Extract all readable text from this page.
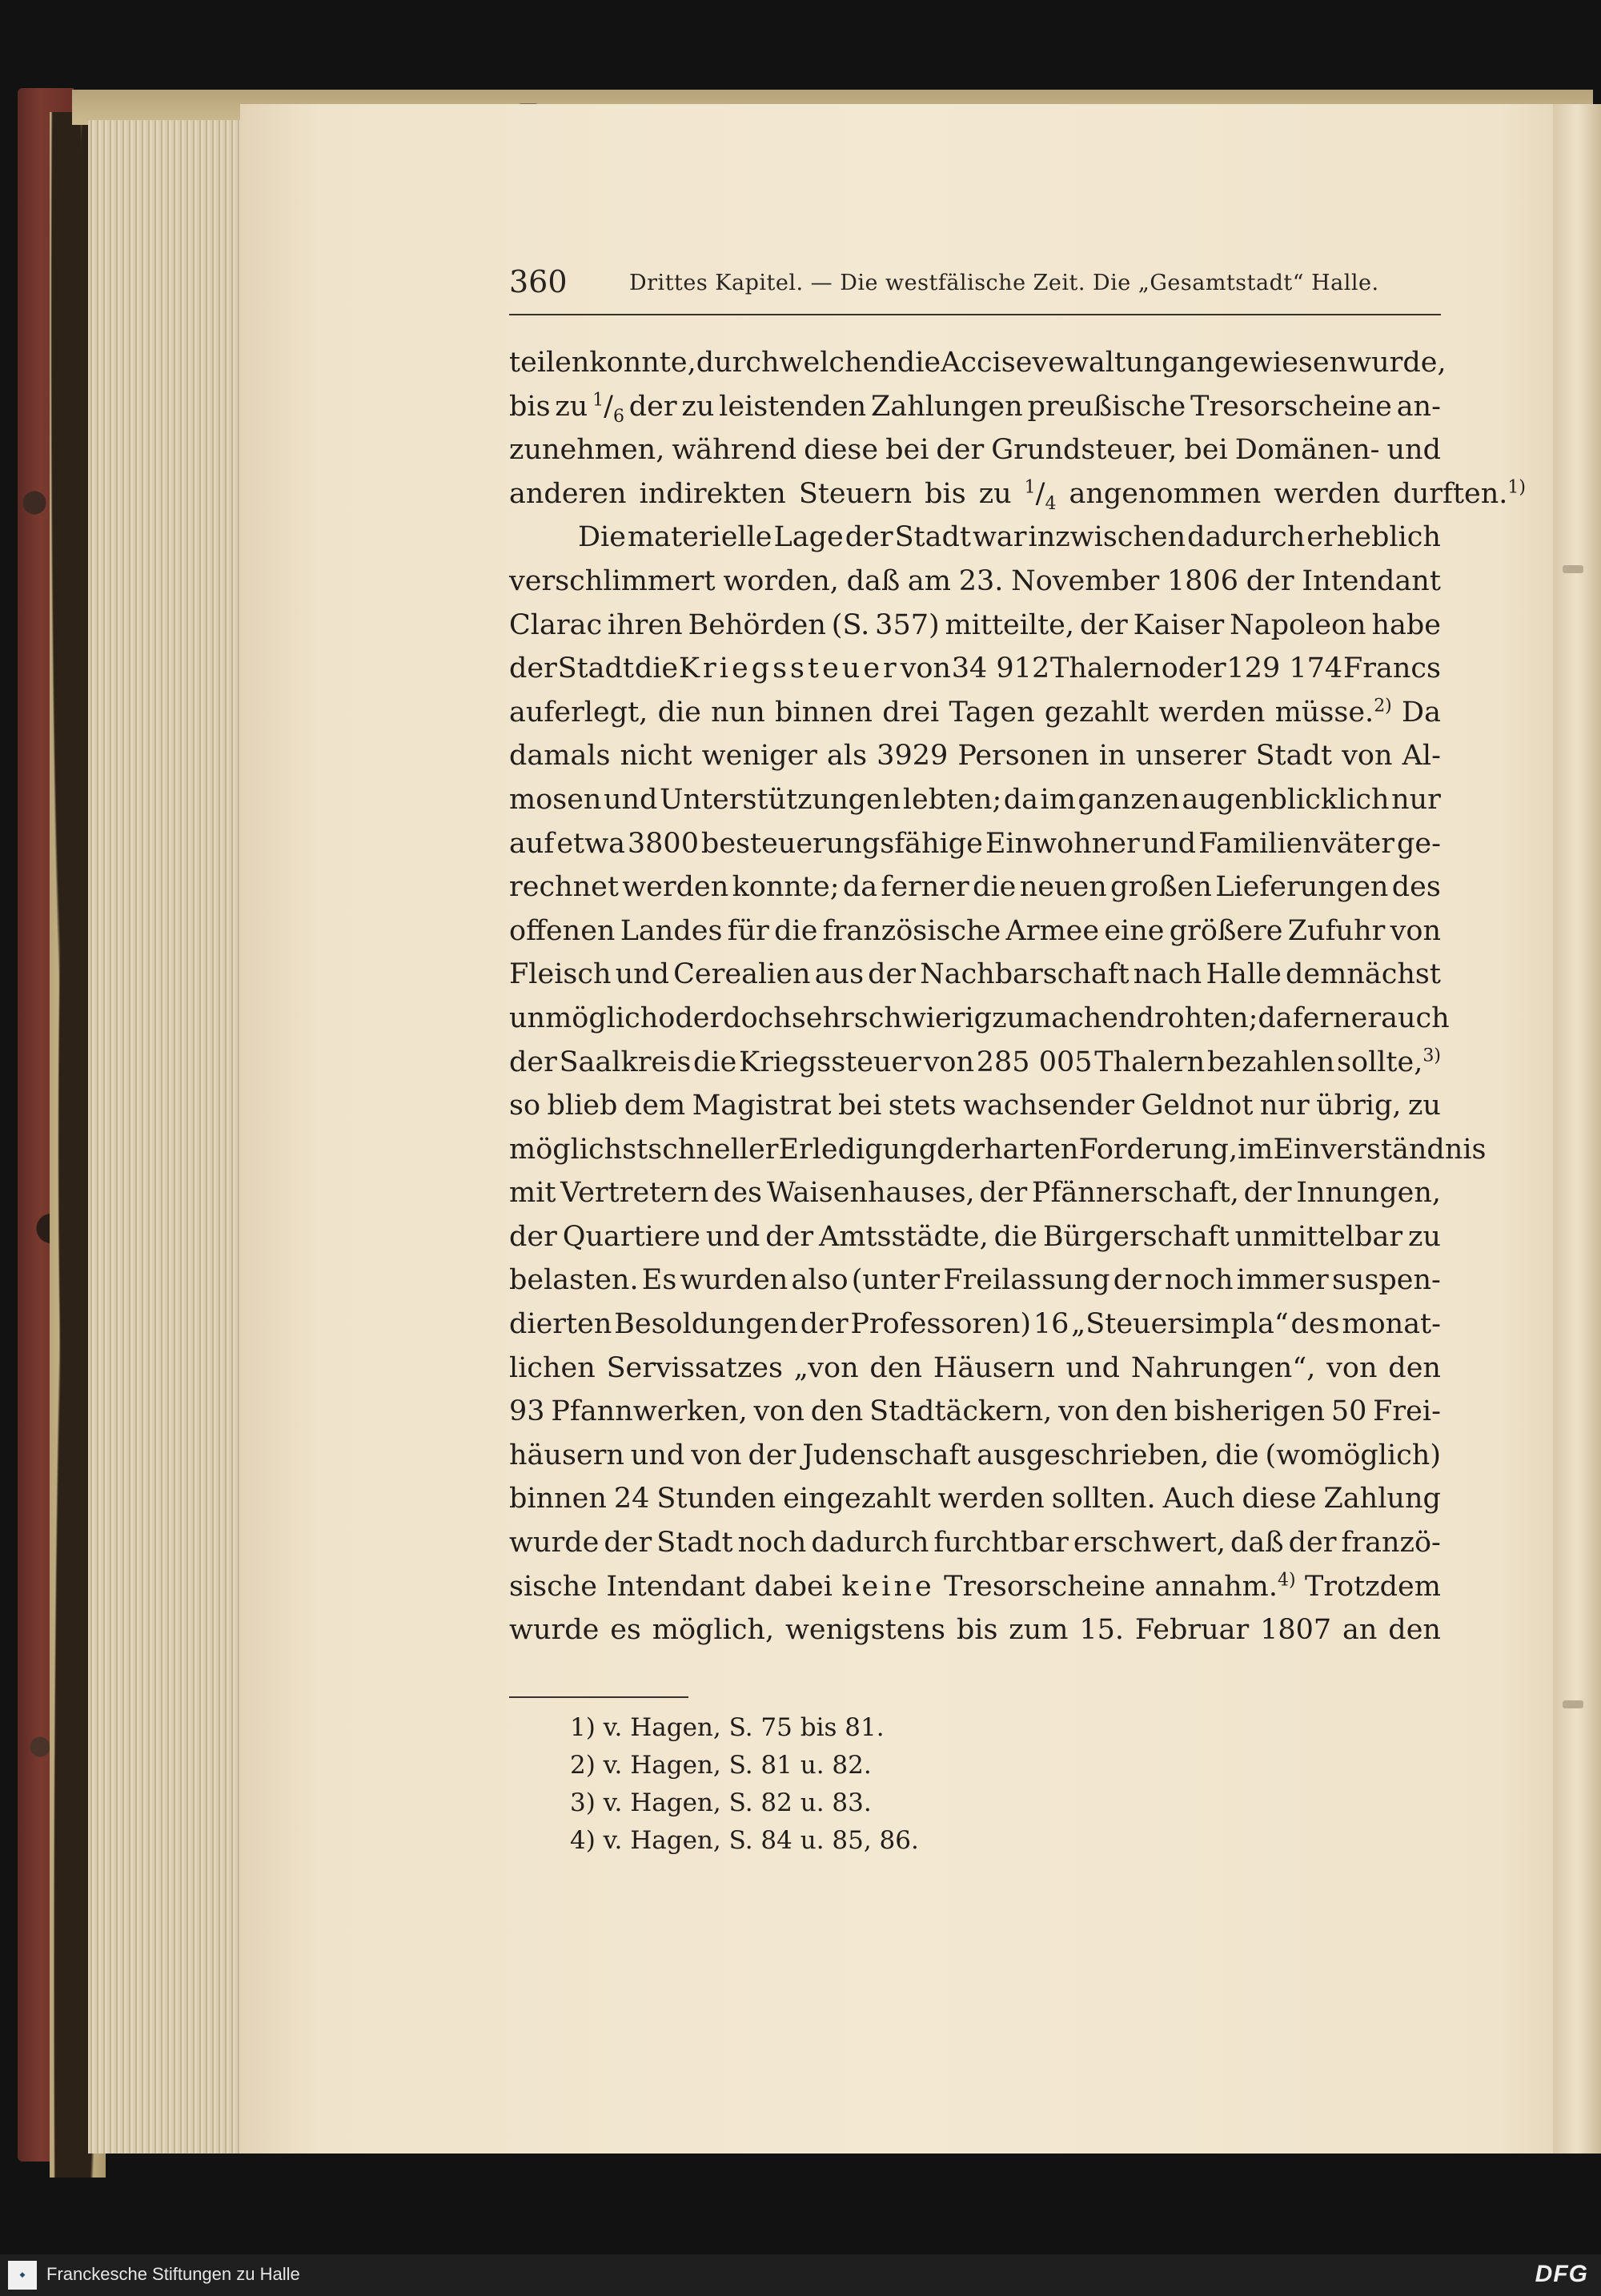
360	Drittes Kapitel. — Die westfälische Zeit. Die „Gesamtstadt“ Halle.
teilen konnte, durch welchen die Accisevewaltung angewiesen wurde,
bis zu $^1/_6$ der zu leistenden Zahlungen preußische Tresorscheine an-
zunehmen, während diese bei der Grundsteuer, bei Domänen- und
anderen indirekten Steuern bis zu $^1/_4$ angenommen werden durften.$^{1)}$
Die materielle Lage der Stadt war inzwischen dadurch erheblich
verschlimmert worden, daß am 23. November 1806 der Intendant
Clarac ihren Behörden (S. 357) mitteilte, der Kaiser Napoleon habe
der Stadt die Kriegssteuer von 34 912 Thalern oder 129 174 Francs
auferlegt, die nun binnen drei Tagen gezahlt werden müsse.$^{2)}$ Da
damals nicht weniger als 3929 Personen in unserer Stadt von Al-
mosen und Unterstützungen lebten; da im ganzen augenblicklich nur
auf etwa 3800 besteuerungsfähige Einwohner und Familienväter ge-
rechnet werden konnte; da ferner die neuen großen Lieferungen des
offenen Landes für die französische Armee eine größere Zufuhr von
Fleisch und Cerealien aus der Nachbarschaft nach Halle demnächst
unmöglich oder doch sehr schwierig zu machen drohten; da ferner auch
der Saalkreis die Kriegssteuer von 285 005 Thalern bezahlen sollte,$^{3)}$
so blieb dem Magistrat bei stets wachsender Geldnot nur übrig, zu
möglichst schneller Erledigung der harten Forderung, im Einverständnis
mit Vertretern des Waisenhauses, der Pfännerschaft, der Innungen,
der Quartiere und der Amtsstädte, die Bürgerschaft unmittelbar zu
belasten. Es wurden also (unter Freilassung der noch immer suspen-
dierten Besoldungen der Professoren) 16 „Steuersimpla“ des monat-
lichen Servissatzes „von den Häusern und Nahrungen“, von den
93 Pfannwerken, von den Stadtäckern, von den bisherigen 50 Frei-
häusern und von der Judenschaft ausgeschrieben, die (womöglich)
binnen 24 Stunden eingezahlt werden sollten. Auch diese Zahlung
wurde der Stadt noch dadurch furchtbar erschwert, daß der franzö-
sische Intendant dabei keine Tresorscheine annahm.$^{4)}$ Trotzdem
wurde es möglich, wenigstens bis zum 15. Februar 1807 an den
1) v. Hagen, S. 75 bis 81.
2) v. Hagen, S. 81 u. 82.
3) v. Hagen, S. 82 u. 83.
4) v. Hagen, S. 84 u. 85, 86.
◆	Franckesche Stiftungen zu Halle	DFG
